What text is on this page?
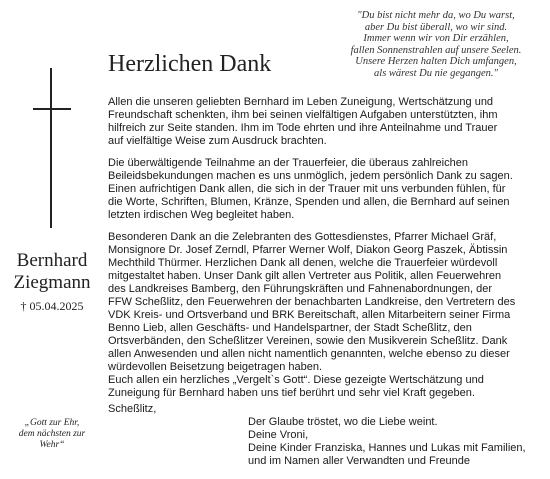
"Du bist nicht mehr da, wo Du warst,
aber Du bist überall, wo wir sind.
Immer wenn wir von Dir erzählen,
fallen Sonnenstrahlen auf unsere Seelen.
Unsere Herzen halten Dich umfangen,
als wärest Du nie gegangen."
Herzlichen Dank
Bernhard
Ziegmann
† 05.04.2025
„Gott zur Ehr,
dem nächsten zur
Wehr“
Allen die unseren geliebten Bernhard im Leben Zuneigung, Wertschätzung und
Freundschaft schenkten, ihm bei seinen vielfältigen Aufgaben unterstützten, ihm
hilfreich zur Seite standen. Ihm im Tode ehrten und ihre Anteilnahme und Trauer
auf vielfältige Weise zum Ausdruck brachten.
Die überwältigende Teilnahme an der Trauerfeier, die überaus zahlreichen
Beileidsbekundungen machen es uns unmöglich, jedem persönlich Dank zu sagen.
Einen aufrichtigen Dank allen, die sich in der Trauer mit uns verbunden fühlen, für
die Worte, Schriften, Blumen, Kränze, Spenden und allen, die Bernhard auf seinen
letzten irdischen Weg begleitet haben.
Besonderen Dank an die Zelebranten des Gottesdienstes, Pfarrer Michael Gräf,
Monsignore Dr. Josef Zerndl, Pfarrer Werner Wolf, Diakon Georg Paszek, Äbtissin
Mechthild Thürmer. Herzlichen Dank all denen, welche die Trauerfeier würdevoll
mitgestaltet haben. Unser Dank gilt allen Vertreter aus Politik, allen Feuerwehren
des Landkreises Bamberg, den Führungskräften und Fahnenabordnungen, der
FFW Scheßlitz, den Feuerwehren der benachbarten Landkreise, den Vertretern des
VDK Kreis- und Ortsverband und BRK Bereitschaft, allen Mitarbeitern seiner Firma
Benno Lieb, allen Geschäfts- und Handelspartner, der Stadt Scheßlitz, den
Ortsverbänden, den Scheßlitzer Vereinen, sowie den Musikverein Scheßlitz. Dank
allen Anwesenden und allen nicht namentlich genannten, welche ebenso zu dieser
würdevollen Beisetzung beigetragen haben.
Euch allen ein herzliches „Vergelt`s Gott“. Diese gezeigte Wertschätzung und
Zuneigung für Bernhard haben uns tief berührt und sehr viel Kraft gegeben.
Scheßlitz,
Der Glaube tröstet, wo die Liebe weint.
Deine Vroni,
Deine Kinder Franziska, Hannes und Lukas mit Familien,
und im Namen aller Verwandten und Freunde
